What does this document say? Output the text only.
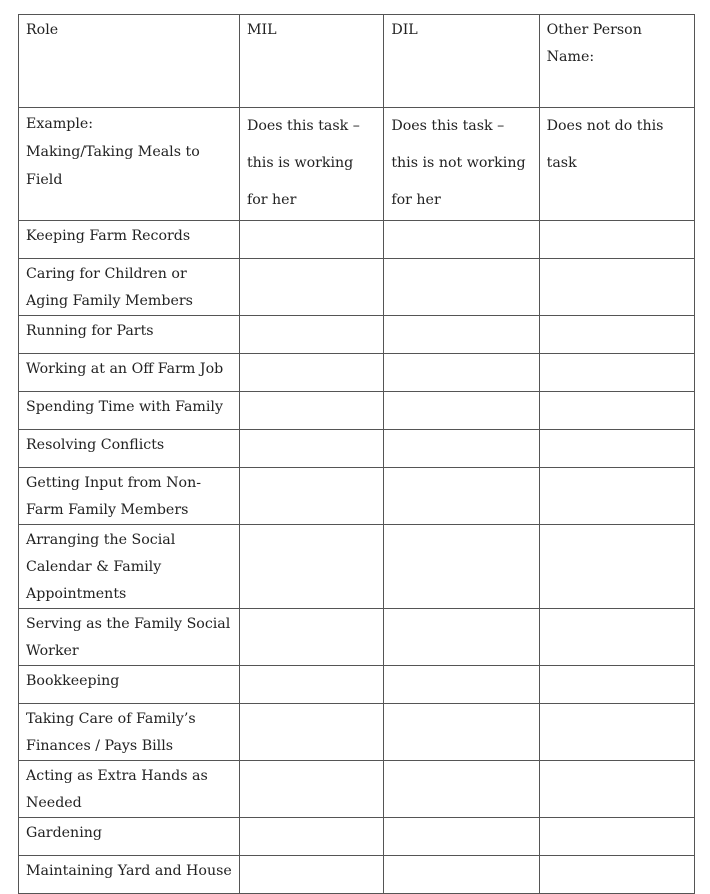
Role	MIL	DIL	Other Person Name:

Example:
Making/Taking Meals to Field	Does this task – this is working for her	Does this task – this is not working for her	Does not do this task
Keeping Farm Records			
Caring for Children or Aging Family Members			
Running for Parts			
Working at an Off Farm Job			
Spending Time with Family			
Resolving Conflicts			
Getting Input from Non-Farm Family Members			
Arranging the Social Calendar & Family Appointments			
Serving as the Family Social Worker			
Bookkeeping			
Taking Care of Family’s Finances / Pays Bills			
Acting as Extra Hands as Needed			
Gardening			
Maintaining Yard and House			
